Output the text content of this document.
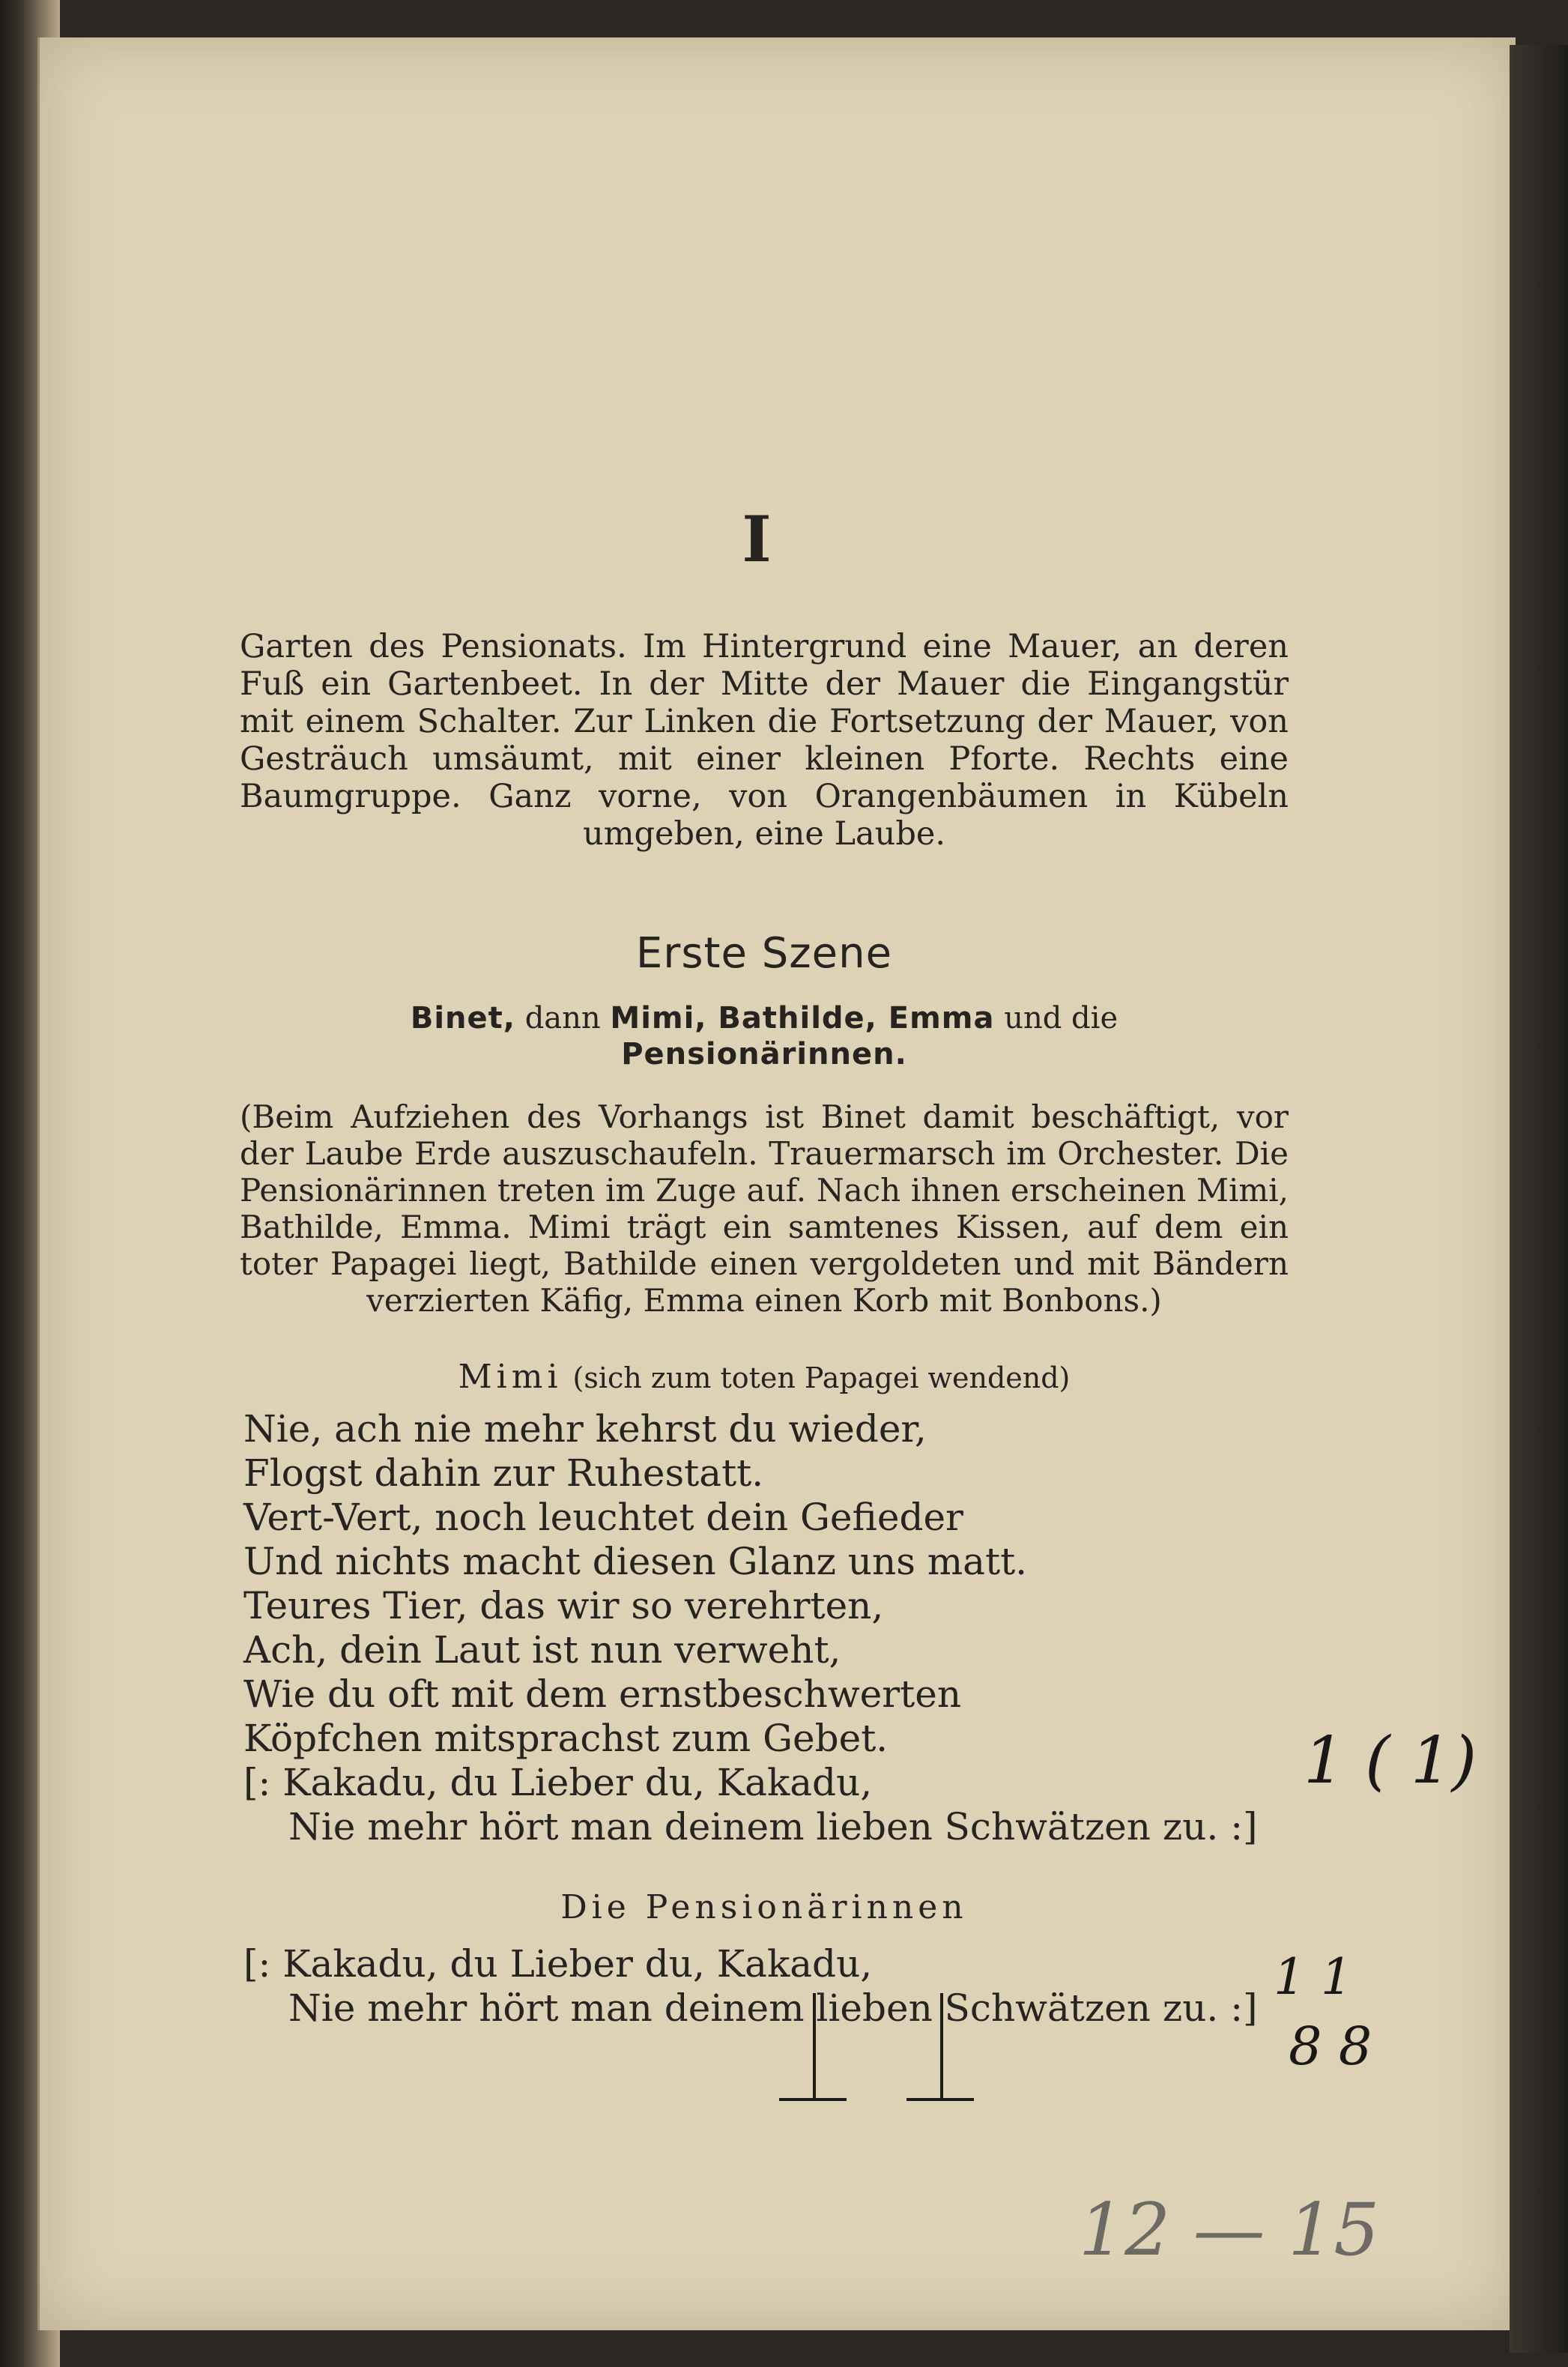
I

Garten des Pensionats. Im Hintergrund eine Mauer, an deren Fuß ein Gartenbeet. In der Mitte der Mauer die Eingangstür mit einem Schalter. Zur Linken die Fortsetzung der Mauer, von Gesträuch umsäumt, mit einer kleinen Pforte. Rechts eine Baumgruppe. Ganz vorne, von Orangenbäumen in Kübeln umgeben, eine Laube.

Erste Szene
Binet, dann Mimi, Bathilde, Emma und die
Pensionärinnen.
(Beim Aufziehen des Vorhangs ist Binet damit beschäftigt, vor der Laube Erde auszuschaufeln. Trauermarsch im Orchester. Die Pensionärinnen treten im Zuge auf. Nach ihnen erscheinen Mimi, Bathilde, Emma. Mimi trägt ein samtenes Kissen, auf dem ein toter Papagei liegt, Bathilde einen vergoldeten und mit Bändern verzierten Käfig, Emma einen Korb mit Bonbons.)
Mimi (sich zum toten Papagei wendend)
Nie, ach nie mehr kehrst du wieder,
Flogst dahin zur Ruhestatt.
Vert-Vert, noch leuchtet dein Gefieder
Und nichts macht diesen Glanz uns matt.
Teures Tier, das wir so verehrten,
Ach, dein Laut ist nun verweht,
Wie du oft mit dem ernstbeschwerten
Köpfchen mitsprachst zum Gebet.
[: Kakadu, du Lieber du, Kakadu,
Nie mehr hört man deinem lieben Schwätzen zu. :]
Die Pensionärinnen
[: Kakadu, du Lieber du, Kakadu,
Nie mehr hört man deinem lieben Schwätzen zu. :]
1 ( 1)
1 1
8 8
12 — 15
